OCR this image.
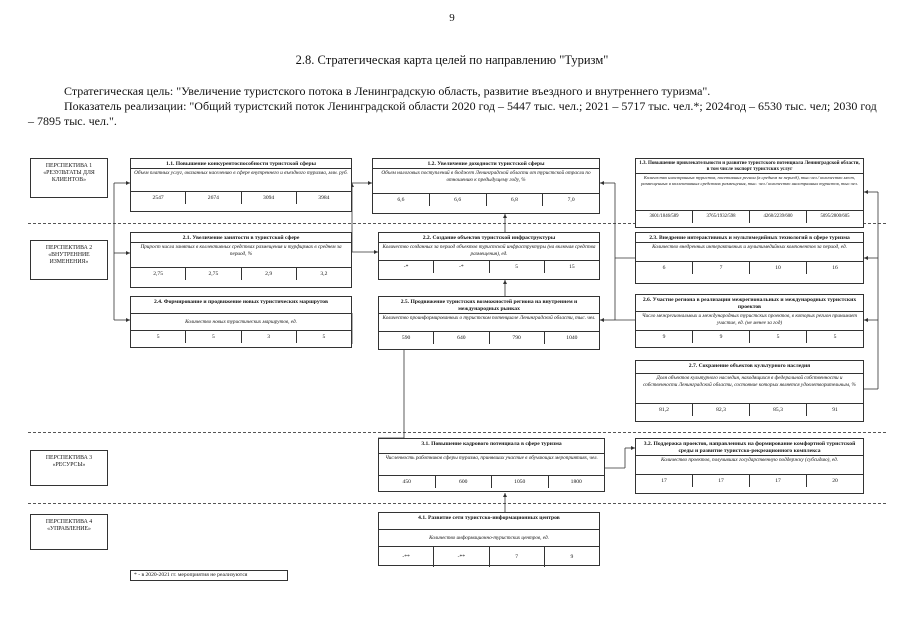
9
2.8. Стратегическая карта целей по направлению "Туризм"
Стратегическая цель: "Увеличение туристского потока в Ленинградскую область, развитие въездного и внутреннего туризма".
Показатель реализации: "Общий туристский поток Ленинградской области 2020 год – 5447 тыс. чел.; 2021 – 5717 тыс. чел.*; 2024год – 6530 тыс. чел; 2030 год – 7895 тыс. чел.".
ПЕРСПЕКТИВА 1 «РЕЗУЛЬТАТЫ ДЛЯ КЛИЕНТОВ»
ПЕРСПЕКТИВА 2 «ВНУТРЕННИЕ ИЗМЕНЕНИЯ»
ПЕРСПЕКТИВА 3 «РЕСУРСЫ»
ПЕРСПЕКТИВА 4 «УПРАВЛЕНИЕ»
1.1. Повышение конкурентоспособности туристской сферы
Объем платных услуг, оказанных населению в сфере внутреннего и въездного туризма, млн. руб.
2547	2674	3094	3984
1.2. Увеличение доходности туристской сферы
Объем налоговых поступлений в бюджет Ленинградской области от туристской отрасли по отношению к предыдущему году, %
6,6	6,6	6,8	7,0
1.3. Повышение привлекательности и развитие туристского потенциала Ленинградской области, в том числе экспорт туристских услуг
Количество иностранных туристов, посетивших регион (в среднем за период), тыс.чел./ количество мест, размещенных в коллективных средствах размещения, тыс. чел./ количество иностранных туристов, тыс.чел.
3601/1846/589	3765/1932/598	4268/2239/600	5095/2800/605
2.1. Увеличение занятости в туристской сфере
Прирост числа занятых в коллективных средствах размещения и турфирмах в среднем за период, %
2,75	2,75	2,9	3,2
2.2. Создание объектов туристской инфраструктуры
Количество созданных за период объектов туристской инфраструктуры (на включая средства размещения), ед.
-*	-*	5	15
2.3. Внедрение интерактивных и мультимедийных технологий в сфере туризма
Количество внедренных интерактивных и мультимедийных компонентов за период, ед.
6	7	10	16
2.4. Формирование и продвижение новых туристических маршрутов
Количество новых туристических маршрутов, ед.
5	5	3	5
2.5. Продвижение туристских возможностей региона на внутреннем и международных рынках
Количество проинформированных о туристском потенциале Ленинградской области, тыс. чел.
590	640	790	1040
2.6. Участие региона в реализации межрегиональных и международных туристских проектов
Число межрегиональных и международных туристских проектов, в которых регион принимает участие, ед. (не менее за год)
9	9	5	5
2.7. Сохранение объектов культурного наследия
Доля объектов культурного наследия, находящихся в федеральной собственности и собственности Ленинградской области, состояние которых является удовлетворительным, %
81,2	82,3	85,3	91
3.1. Повышение кадрового потенциала в сфере туризма
Численность работников сферы туризма, принявших участие в обучающих мероприятиях, чел.
450	600	1050	1800
3.2. Поддержка проектов, направленных на формирование комфортной туристской среды и развитие туристско-рекреационного комплекса
Количество проектов, получивших государственную поддержку (субсидию), ед.
17	17	17	20
4.1. Развитие сети туристско-информационных центров
Количество информационно-туристских центров, ед.
-**	-**	7	9
* - в 2020-2021 гг. мероприятия не реализуются
